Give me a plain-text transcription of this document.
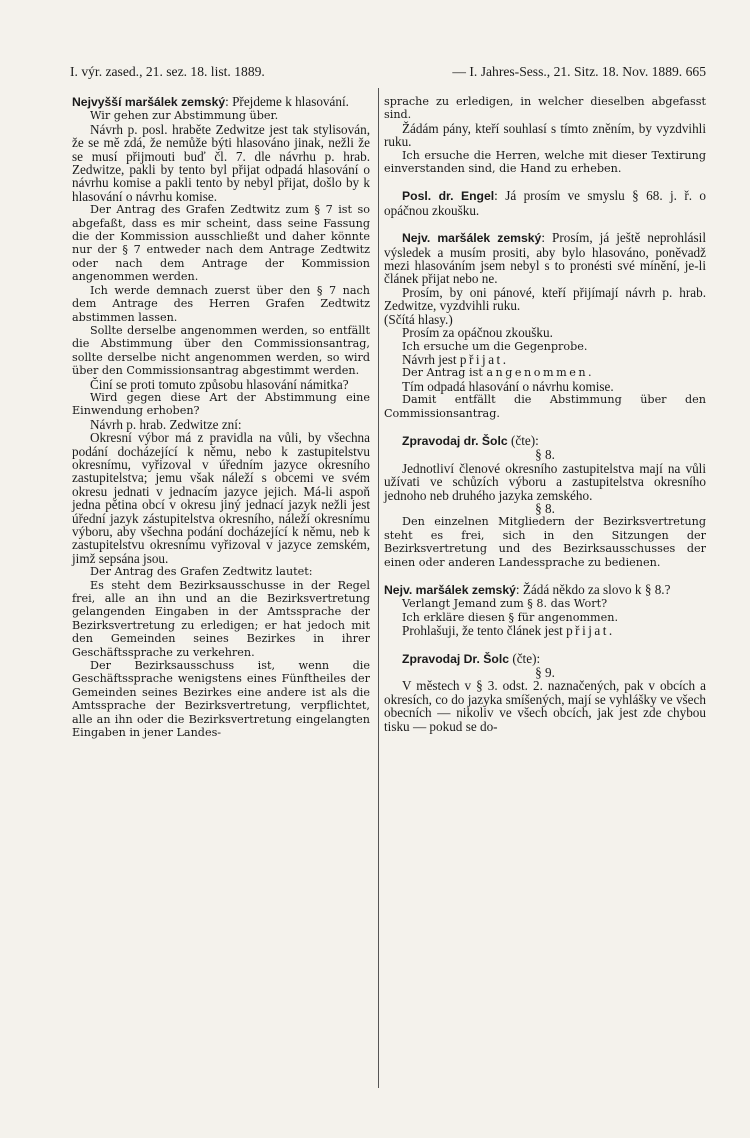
I. výr. zased., 21. sez. 18. list. 1889.	— I. Jahres-Sess., 21. Sitz. 18. Nov. 1889. 665

Nejvyšší maršálek zemský: Přejdeme k hlasování.

Wir gehen zur Abstimmung über.

Návrh p. posl. hraběte Zedwitze jest tak stylisován, že se mě zdá, že nemůže býti hlasováno jinak, nežli že se musí přijmouti buď čl. 7. dle návrhu p. hrab. Zedwitze, pakli by tento byl přijat odpadá hlasování o návrhu komise a pakli tento by nebyl přijat, došlo by k hlasování o návrhu komise.

Der Antrag des Grafen Zedtwitz zum § 7 ist so abgefaßt, dass es mir scheint, dass seine Fassung die der Kommission ausschließt und daher könnte nur der § 7 entweder nach dem Antrage Zedtwitz oder nach dem Antrage der Kommission angenommen werden.

Ich werde demnach zuerst über den § 7 nach dem Antrage des Herren Grafen Zedtwitz abstimmen lassen.

Sollte derselbe angenommen werden, so entfällt die Abstimmung über den Commissionsantrag, sollte derselbe nicht angenommen werden, so wird über den Commissionsantrag abgestimmt werden.

Činí se proti tomuto způsobu hlasování námitka?

Wird gegen diese Art der Abstimmung eine Einwendung erhoben?

Návrh p. hrab. Zedwitze zní:

Okresní výbor má z pravidla na vůli, by všechna podání docházející k němu, nebo k zastupitelstvu okresnímu, vyřizoval v úředním jazyce okresního zastupitelstva; jemu však náleží s obcemi ve svém okresu jednati v jednacím jazyce jejich. Má-li aspoň jedna pětina obcí v okresu jiný jednací jazyk nežli jest úřední jazyk zástupitelstva okresního, náleží okresnímu výboru, aby všechna podání docházející k němu, neb k zastupitelstvu okresnímu vyřizoval v jazyce zemském, jimž sepsána jsou.

Der Antrag des Grafen Zedtwitz lautet:

Es steht dem Bezirksausschusse in der Regel frei, alle an ihn und an die Bezirksvertretung gelangenden Eingaben in der Amtssprache der Bezirksvertretung zu erledigen; er hat jedoch mit den Gemeinden seines Bezirkes in ihrer Geschäftssprache zu verkehren.

Der Bezirksausschuss ist, wenn die Geschäftssprache wenigstens eines Fünftheiles der Gemeinden seines Bezirkes eine andere ist als die Amtssprache der Bezirksvertretung, verpflichtet, alle an ihn oder die Bezirksvertretung eingelangten Eingaben in jener Landes-

sprache zu erledigen, in welcher dieselben abgefasst sind.

Žádám pány, kteří souhlasí s tímto zněním, by vyzdvihli ruku.

Ich ersuche die Herren, welche mit dieser Textirung einverstanden sind, die Hand zu erheben.

Posl. dr. Engel: Já prosím ve smyslu § 68. j. ř. o opáčnou zkoušku.

Nejv. maršálek zemský: Prosím, já ještě neprohlásil výsledek a musím prositi, aby bylo hlasováno, poněvadž mezi hlasováním jsem nebyl s to pronésti své mínění, je-li článek přijat nebo ne.

Prosím, by oni pánové, kteří přijímají návrh p. hrab. Zedwitze, vyzdvihli ruku.

(Sčítá hlasy.)

Prosím za opáčnou zkoušku.

Ich ersuche um die Gegenprobe.

Návrh jest přijat.

Der Antrag ist angenommen.

Tím odpadá hlasování o návrhu komise.

Damit entfällt die Abstimmung über den Commissionsantrag.

Zpravodaj dr. Šolc (čte):

§ 8.

Jednotliví členové okresního zastupitelstva mají na vůli užívati ve schůzích výboru a zastupitelstva okresního jednoho neb druhého jazyka zemského.

§ 8.

Den einzelnen Mitgliedern der Bezirksvertretung steht es frei, sich in den Sitzungen der Bezirksvertretung und des Bezirksausschusses der einen oder anderen Landessprache zu bedienen.

Nejv. maršálek zemský: Žádá někdo za slovo k § 8.?

Verlangt Jemand zum § 8. das Wort?

Ich erkläre diesen § für angenommen.

Prohlašuji, že tento článek jest přijat.

Zpravodaj Dr. Šolc (čte):

§ 9.

V městech v § 3. odst. 2. naznačených, pak v obcích a okresích, co do jazyka smíšených, mají se vyhlášky ve všech obecních — nikoliv ve všech obcích, jak jest zde chybou tisku — pokud se do-
